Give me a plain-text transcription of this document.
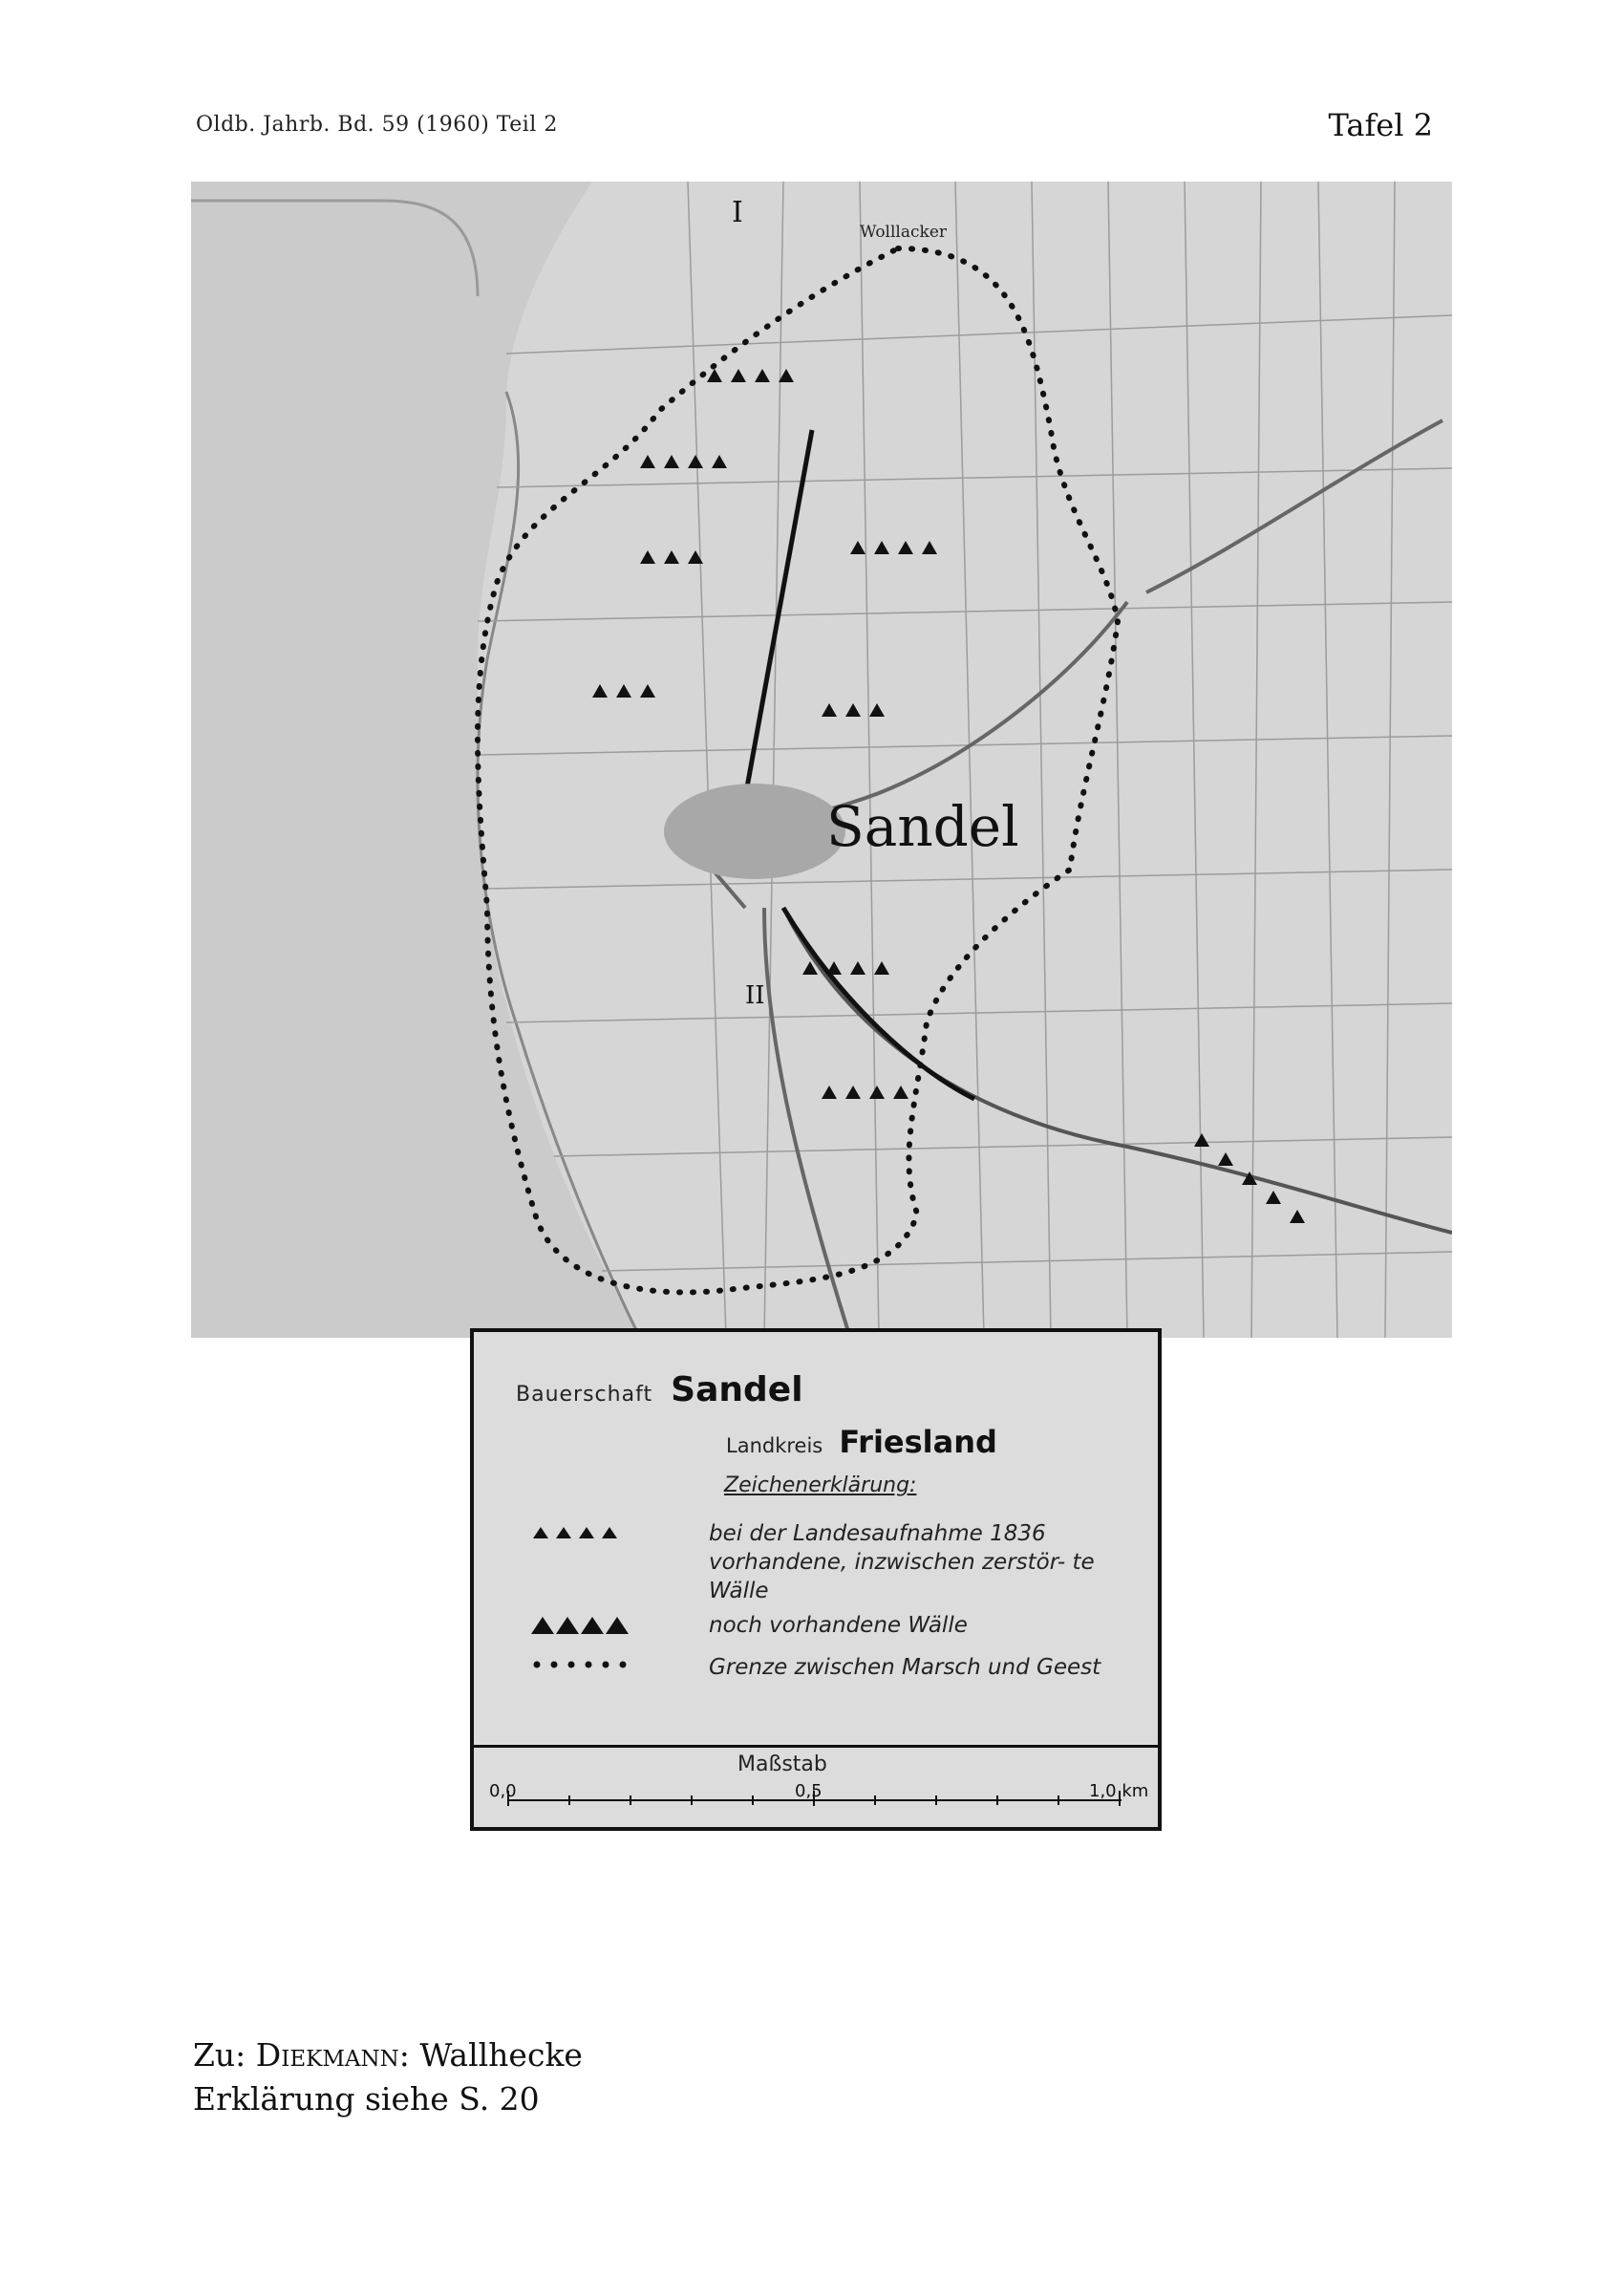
Oldb. Jahrb. Bd. 59 (1960) Teil 2	Tafel 2
Sandel
I
II
Wolllacker
Bauerschaft Sandel
Landkreis Friesland
Zeichenerklärung:
bei der Landesaufnahme 1836 vorhandene, inzwischen zerstör- te Wälle
noch vorhandene Wälle
Grenze zwischen Marsch und Geest
Maßstab
0,0	0,5	1,0 km
Zu: Diekmann: Wallhecke
Erklärung siehe S. 20
